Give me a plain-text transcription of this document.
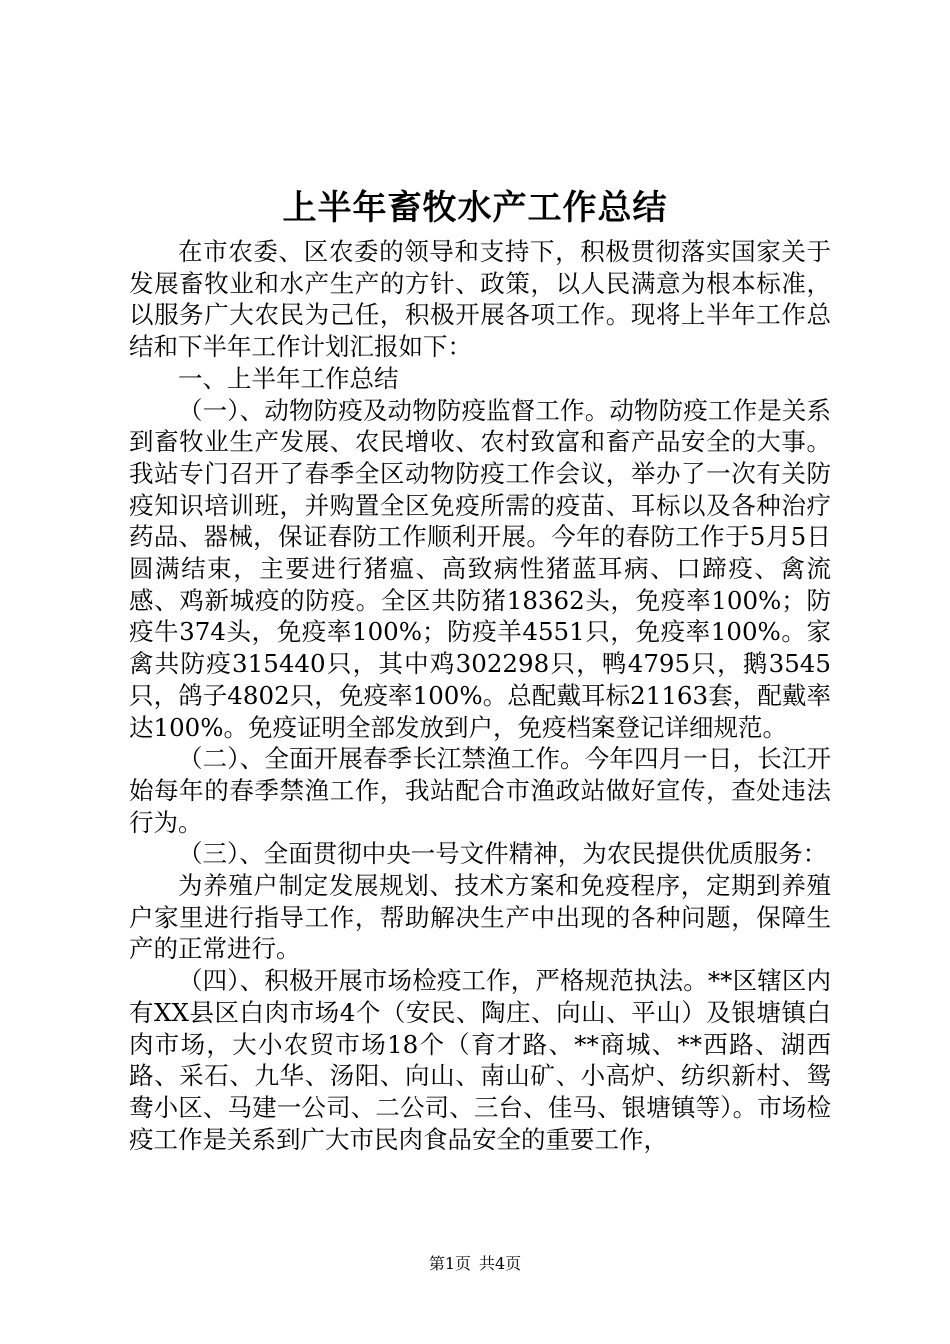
上半年畜牧水产工作总结

在市农委、区农委的领导和支持下，积极贯彻落实国家关于发展畜牧业和水产生产的方针、政策，以人民满意为根本标准，以服务广大农民为己任，积极开展各项工作。现将上半年工作总结和下半年工作计划汇报如下：

一、上半年工作总结

（一）、动物防疫及动物防疫监督工作。动物防疫工作是关系到畜牧业生产发展、农民增收、农村致富和畜产品安全的大事。我站专门召开了春季全区动物防疫工作会议，举办了一次有关防疫知识培训班，并购置全区免疫所需的疫苗、耳标以及各种治疗药品、器械，保证春防工作顺利开展。今年的春防工作于5月5日圆满结束，主要进行猪瘟、高致病性猪蓝耳病、口蹄疫、禽流感、鸡新城疫的防疫。全区共防猪18362头，免疫率100%；防疫牛374头，免疫率100%；防疫羊4551只，免疫率100%。家禽共防疫315440只，其中鸡302298只，鸭4795只，鹅3545只，鸽子4802只，免疫率100%。总配戴耳标21163套，配戴率达100%。免疫证明全部发放到户，免疫档案登记详细规范。

（二）、全面开展春季长江禁渔工作。今年四月一日，长江开始每年的春季禁渔工作，我站配合市渔政站做好宣传，查处违法行为。

（三）、全面贯彻中央一号文件精神，为农民提供优质服务：

为养殖户制定发展规划、技术方案和免疫程序，定期到养殖户家里进行指导工作，帮助解决生产中出现的各种问题，保障生产的正常进行。

（四）、积极开展市场检疫工作，严格规范执法。**区辖区内有XX县区白肉市场4个（安民、陶庄、向山、平山）及银塘镇白肉市场，大小农贸市场18个（育才路、**商城、**西路、湖西路、采石、九华、汤阳、向山、南山矿、小高炉、纺织新村、鸳鸯小区、马建一公司、二公司、三台、佳马、银塘镇等）。市场检疫工作是关系到广大市民肉食品安全的重要工作，

第1页 共4页
